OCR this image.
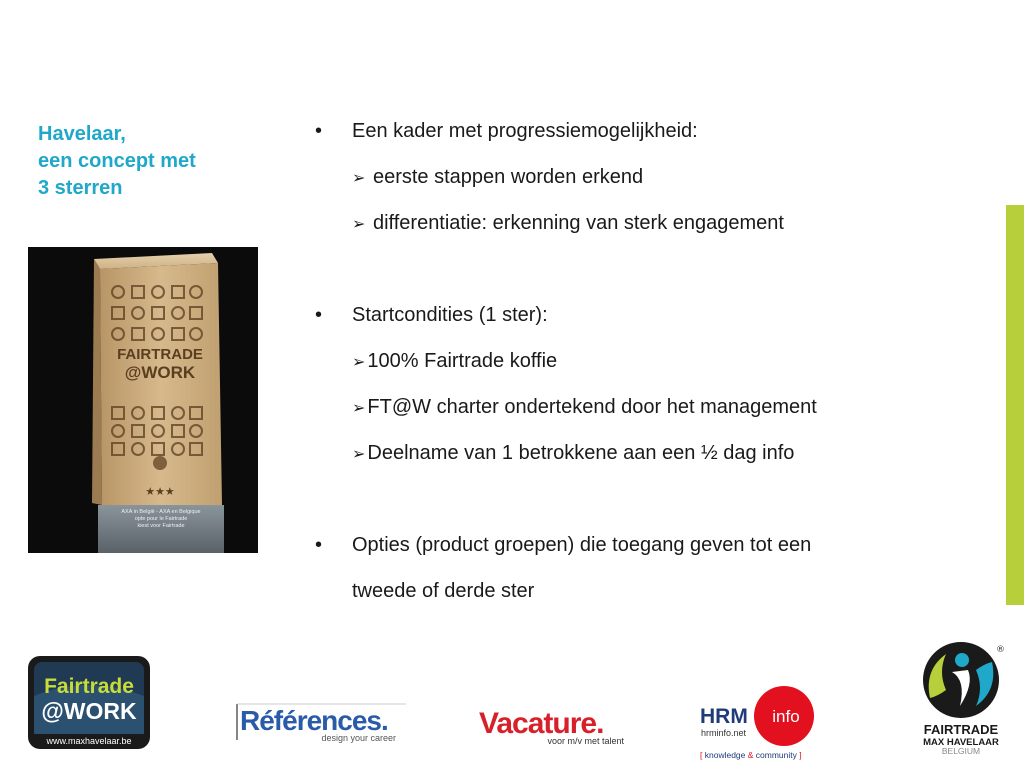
Havelaar,
een concept met
3 sterren
FAIRTRADE
@WORK
★★★
AXA in België - AXA en Belgique
opte pour le Fairtrade
kiest voor Fairtrade
• Een kader met progressiemogelijkheid:
➢ eerste stappen worden erkend
➢ differentiatie: erkenning van sterk engagement
• Startcondities (1 ster):
➢ 100% Fairtrade koffie
➢ FT@W charter ondertekend door het management
➢ Deelname van 1 betrokkene aan een ½ dag info
• Opties (product groepen) die toegang geven tot een
tweede of derde ster
Fairtrade
@WORK
www.maxhavelaar.be
Références.
design your career	Vacature.
voor m/v met talent
HRM info
hrminfo.net
[ knowledge & community ]
®
FAIRTRADE
MAX HAVELAAR
BELGIUM
